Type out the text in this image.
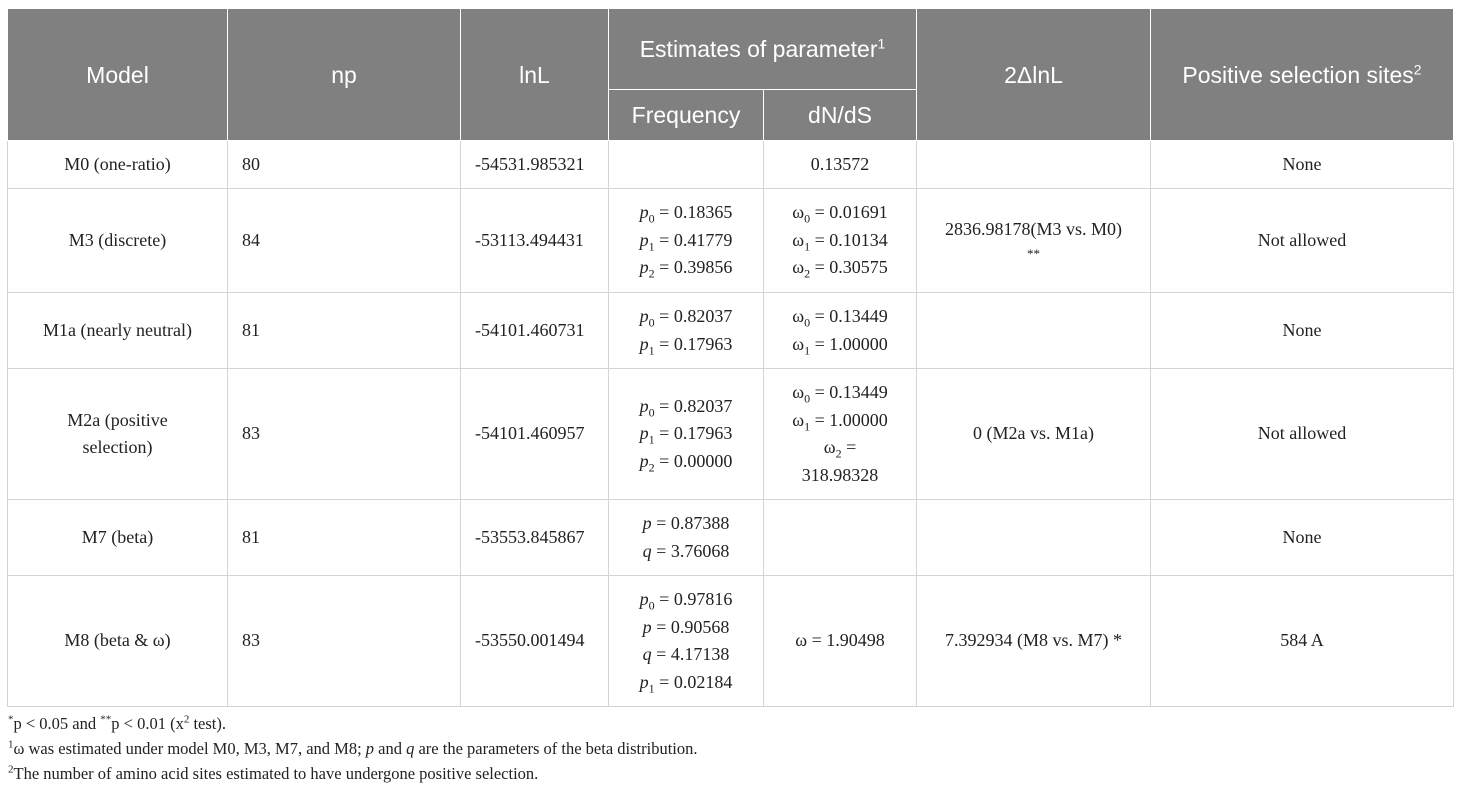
Model	np	lnL	Estimates of parameter$^1$		2ΔlnL	Positive selection sites$^2$
			Frequency	dN/dS		
M0 (one-ratio)	80	-54531.985321		0.13572		None
M3 (discrete)	84	-53113.494431	$p_0 = 0.18365$
$p_1 = 0.41779$
$p_2 = 0.39856$	$\omega_0 = 0.01691$
$\omega_1 = 0.10134$
$\omega_2 = 0.30575$	2836.98178(M3 vs. M0)
**	Not allowed
M1a (nearly neutral)	81	-54101.460731	$p_0 = 0.82037$
$p_1 = 0.17963$	$\omega_0 = 0.13449$
$\omega_1 = 1.00000$		None
M2a (positive selection)	83	-54101.460957	$p_0 = 0.82037$
$p_1 = 0.17963$
$p_2 = 0.00000$	$\omega_0 = 0.13449$
$\omega_1 = 1.00000$
$\omega_2 = 318.98328$	0 (M2a vs. M1a)	Not allowed
M7 (beta)	81	-53553.845867	p = 0.87388
q = 3.76068			None
M8 (beta & ω)	83	-53550.001494	$p_0 = 0.97816$
p = 0.90568
q = 4.17138
$p_1 = 0.02184$	ω = 1.90498	7.392934 (M8 vs. M7) *	584 A
*p < 0.05 and **p < 0.01 ($x^2$ test).
$^1$ω was estimated under model M0, M3, M7, and M8; p and q are the parameters of the beta distribution.
$^2$The number of amino acid sites estimated to have undergone positive selection.
